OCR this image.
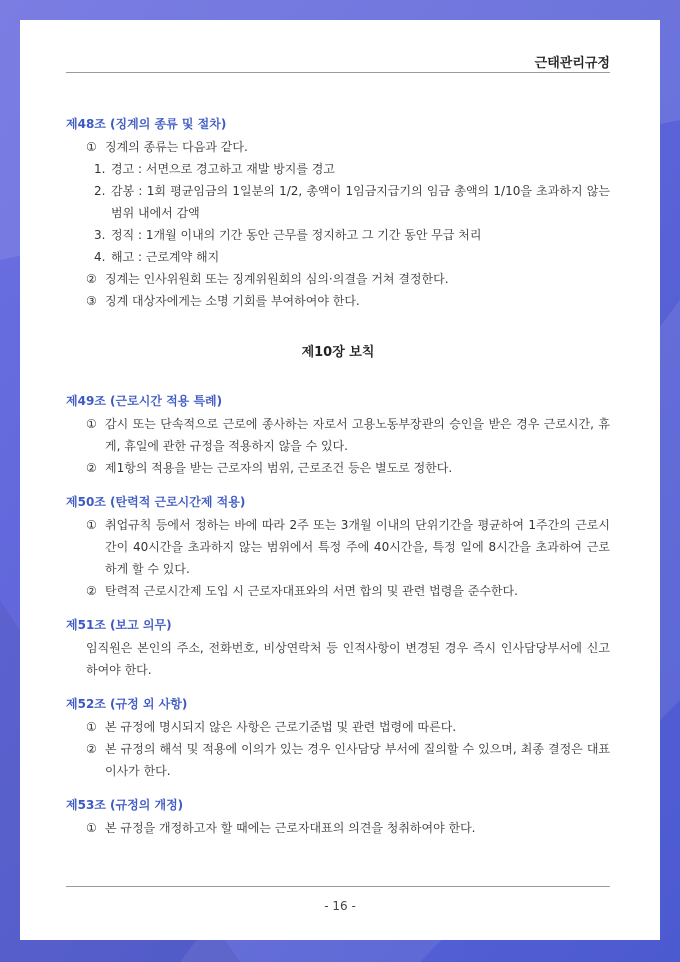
근태관리규정
제48조 (징계의 종류 및 절차)
① 징계의 종류는 다음과 같다.
1. 경고 : 서면으로 경고하고 재발 방지를 경고
2. 감봉 : 1회 평균임금의 1일분의 1/2, 총액이 1임금지급기의 임금 총액의 1/10을 초과하지 않는 범위 내에서 감액
3. 정직 : 1개월 이내의 기간 동안 근무를 정지하고 그 기간 동안 무급 처리
4. 해고 : 근로계약 해지
② 징계는 인사위원회 또는 징계위원회의 심의·의결을 거쳐 결정한다.
③ 징계 대상자에게는 소명 기회를 부여하여야 한다.
제10장 보칙
제49조 (근로시간 적용 특례)
① 감시 또는 단속적으로 근로에 종사하는 자로서 고용노동부장관의 승인을 받은 경우 근로시간, 휴게, 휴일에 관한 규정을 적용하지 않을 수 있다.
② 제1항의 적용을 받는 근로자의 범위, 근로조건 등은 별도로 정한다.
제50조 (탄력적 근로시간제 적용)
① 취업규칙 등에서 정하는 바에 따라 2주 또는 3개월 이내의 단위기간을 평균하여 1주간의 근로시간이 40시간을 초과하지 않는 범위에서 특정 주에 40시간을, 특정 일에 8시간을 초과하여 근로하게 할 수 있다.
② 탄력적 근로시간제 도입 시 근로자대표와의 서면 합의 및 관련 법령을 준수한다.
제51조 (보고 의무)
임직원은 본인의 주소, 전화번호, 비상연락처 등 인적사항이 변경된 경우 즉시 인사담당부서에 신고하여야 한다.
제52조 (규정 외 사항)
① 본 규정에 명시되지 않은 사항은 근로기준법 및 관련 법령에 따른다.
② 본 규정의 해석 및 적용에 이의가 있는 경우 인사담당 부서에 질의할 수 있으며, 최종 결정은 대표이사가 한다.
제53조 (규정의 개정)
① 본 규정을 개정하고자 할 때에는 근로자대표의 의견을 청취하여야 한다.
- 16 -
